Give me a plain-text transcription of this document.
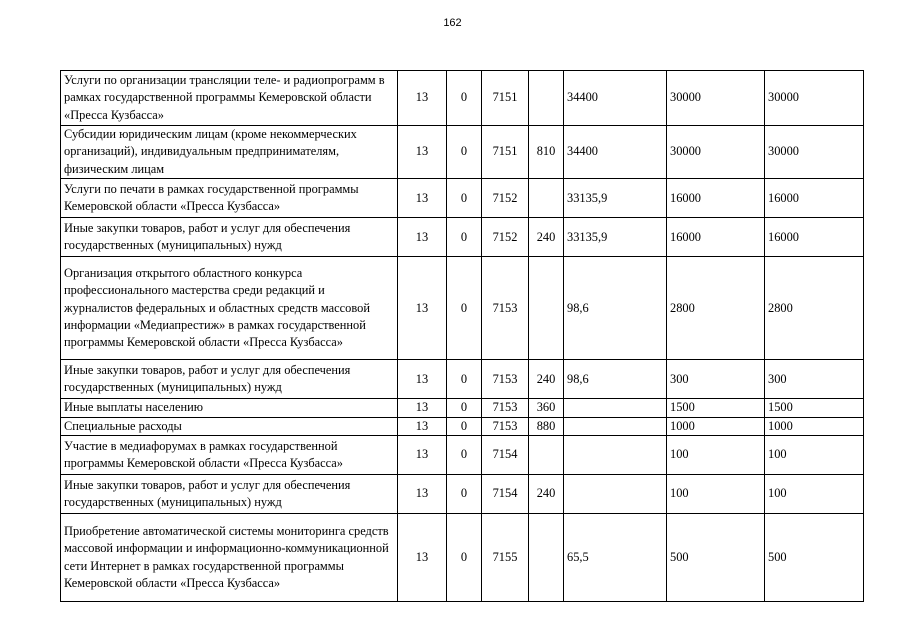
162
Услуги по организации трансляции теле- и радиопрограмм в рамках государственной программы Кемеровской области «Пресса Кузбасса»	13	0	7151		34400	30000	30000
Субсидии юридическим лицам (кроме некоммерческих организаций), индивидуальным предпринимателям, физическим лицам	13	0	7151	810	34400	30000	30000
Услуги по печати в рамках государственной программы Кемеровской области «Пресса Кузбасса»	13	0	7152		33135,9	16000	16000
Иные закупки товаров, работ и услуг для обеспечения государственных (муниципальных) нужд	13	0	7152	240	33135,9	16000	16000
Организация открытого областного конкурса профессионального мастерства среди редакций и журналистов федеральных и областных средств массовой информации «Медиапрестиж» в рамках государственной программы Кемеровской области «Пресса Кузбасса»	13	0	7153		98,6	2800	2800
Иные закупки товаров, работ и услуг для обеспечения государственных (муниципальных) нужд	13	0	7153	240	98,6	300	300
Иные выплаты населению	13	0	7153	360		1500	1500
Специальные расходы	13	0	7153	880		1000	1000
Участие в медиафорумах в рамках государственной программы Кемеровской области «Пресса Кузбасса»	13	0	7154			100	100
Иные закупки товаров, работ и услуг для обеспечения государственных (муниципальных) нужд	13	0	7154	240		100	100
Приобретение автоматической системы мониторинга средств массовой информации и информационно-коммуникационной сети Интернет в рамках государственной программы Кемеровской области «Пресса Кузбасса»	13	0	7155		65,5	500	500
